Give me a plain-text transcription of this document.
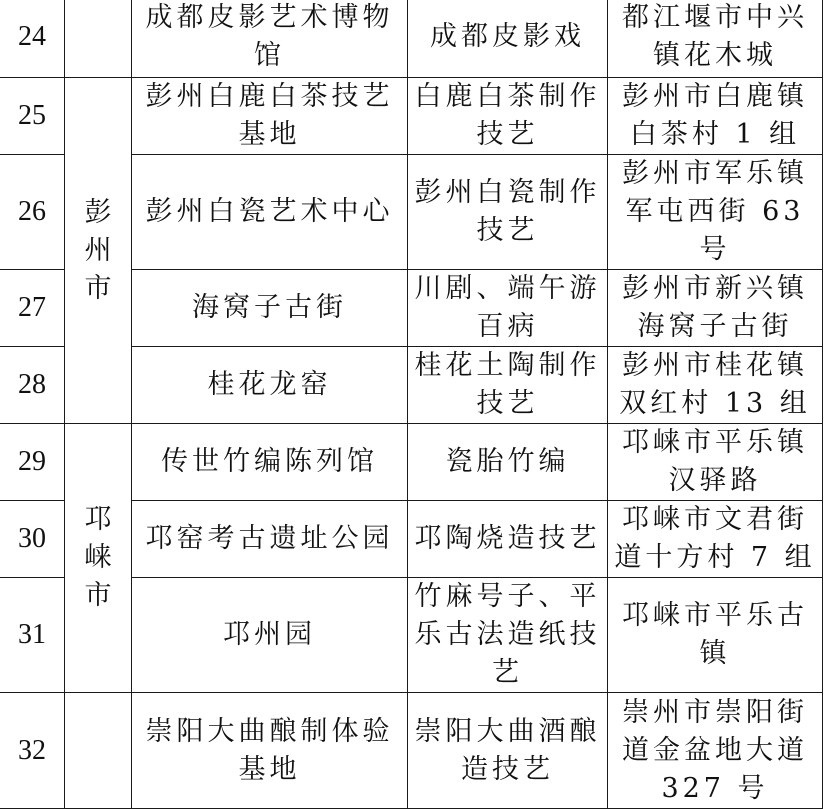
24		成都皮影艺术博物馆	成都皮影戏	都江堰市中兴镇花木城
25	彭州市	彭州白鹿白茶技艺基地	白鹿白茶制作技艺	彭州市白鹿镇白茶村 1 组
26		彭州白瓷艺术中心	彭州白瓷制作技艺	彭州市军乐镇军屯西街 63 号
27		海窝子古街	川剧、端午游百病	彭州市新兴镇海窝子古街
28		桂花龙窑	桂花土陶制作技艺	彭州市桂花镇双红村 13 组
29	邛崃市	传世竹编陈列馆	瓷胎竹编	邛崃市平乐镇汉驿路
30		邛窑考古遗址公园	邛陶烧造技艺	邛崃市文君街道十方村 7 组
31		邛州园	竹麻号子、平乐古法造纸技艺	邛崃市平乐古镇
32		崇阳大曲酿制体验基地	崇阳大曲酒酿造技艺	崇州市崇阳街道金盆地大道 327 号
